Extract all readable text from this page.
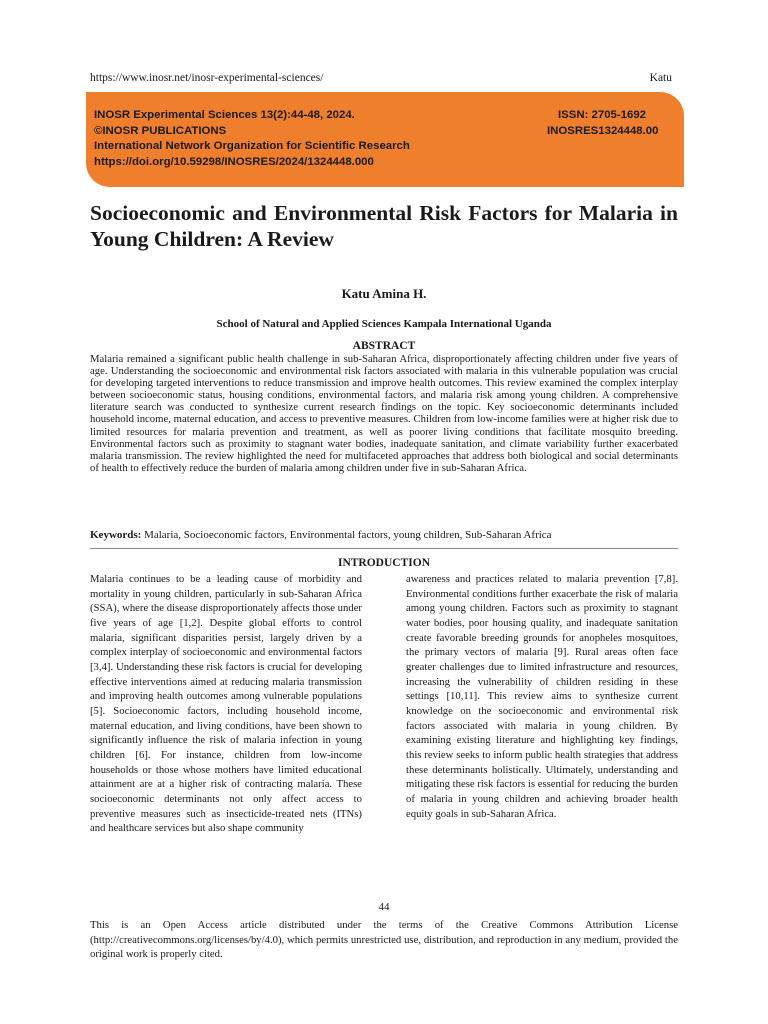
https://www.inosr.net/inosr-experimental-sciences/	Katu
INOSR Experimental Sciences 13(2):44-48, 2024.
©INOSR PUBLICATIONS
International Network Organization for Scientific Research
https://doi.org/10.59298/INOSRES/2024/1324448.000
ISSN: 2705-1692
INOSRES1324448.00
Socioeconomic and Environmental Risk Factors for Malaria in Young Children: A Review
Katu Amina H.
School of Natural and Applied Sciences Kampala International Uganda
ABSTRACT
Malaria remained a significant public health challenge in sub-Saharan Africa, disproportionately affecting children under five years of age. Understanding the socioeconomic and environmental risk factors associated with malaria in this vulnerable population was crucial for developing targeted interventions to reduce transmission and improve health outcomes. This review examined the complex interplay between socioeconomic status, housing conditions, environmental factors, and malaria risk among young children. A comprehensive literature search was conducted to synthesize current research findings on the topic. Key socioeconomic determinants included household income, maternal education, and access to preventive measures. Children from low-income families were at higher risk due to limited resources for malaria prevention and treatment, as well as poorer living conditions that facilitate mosquito breeding. Environmental factors such as proximity to stagnant water bodies, inadequate sanitation, and climate variability further exacerbated malaria transmission. The review highlighted the need for multifaceted approaches that address both biological and social determinants of health to effectively reduce the burden of malaria among children under five in sub-Saharan Africa.
Keywords: Malaria, Socioeconomic factors, Environmental factors, young children, Sub-Saharan Africa
INTRODUCTION
Malaria continues to be a leading cause of morbidity and mortality in young children, particularly in sub-Saharan Africa (SSA), where the disease disproportionately affects those under five years of age [1,2]. Despite global efforts to control malaria, significant disparities persist, largely driven by a complex interplay of socioeconomic and environmental factors [3,4]. Understanding these risk factors is crucial for developing effective interventions aimed at reducing malaria transmission and improving health outcomes among vulnerable populations [5]. Socioeconomic factors, including household income, maternal education, and living conditions, have been shown to significantly influence the risk of malaria infection in young children [6]. For instance, children from low-income households or those whose mothers have limited educational attainment are at a higher risk of contracting malaria. These socioeconomic determinants not only affect access to preventive measures such as insecticide-treated nets (ITNs) and healthcare services but also shape community
awareness and practices related to malaria prevention [7,8]. Environmental conditions further exacerbate the risk of malaria among young children. Factors such as proximity to stagnant water bodies, poor housing quality, and inadequate sanitation create favorable breeding grounds for anopheles mosquitoes, the primary vectors of malaria [9]. Rural areas often face greater challenges due to limited infrastructure and resources, increasing the vulnerability of children residing in these settings [10,11]. This review aims to synthesize current knowledge on the socioeconomic and environmental risk factors associated with malaria in young children. By examining existing literature and highlighting key findings, this review seeks to inform public health strategies that address these determinants holistically. Ultimately, understanding and mitigating these risk factors is essential for reducing the burden of malaria in young children and achieving broader health equity goals in sub-Saharan Africa.
44
This is an Open Access article distributed under the terms of the Creative Commons Attribution License (http://creativecommons.org/licenses/by/4.0), which permits unrestricted use, distribution, and reproduction in any medium, provided the original work is properly cited.
